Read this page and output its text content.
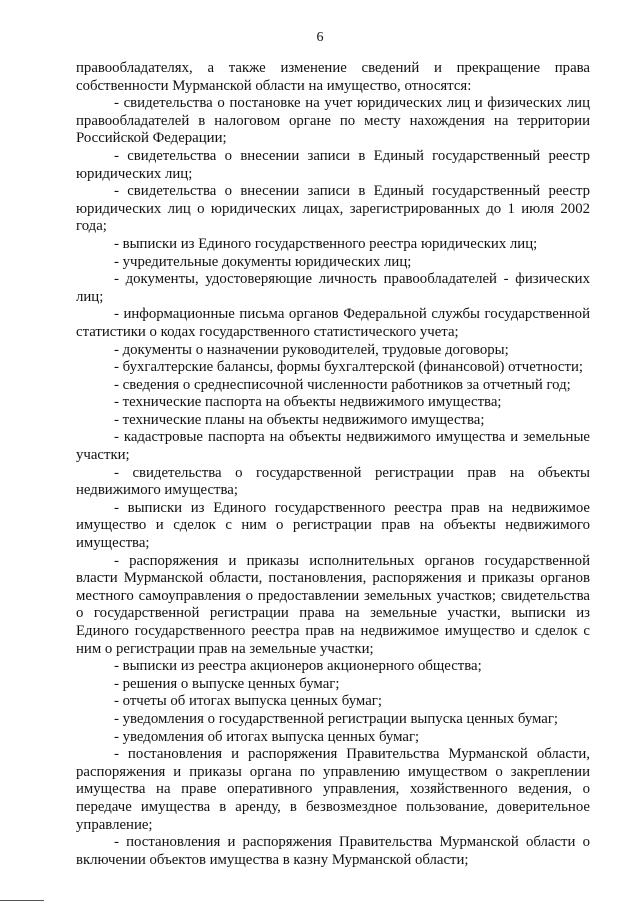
6

правообладателях, а также изменение сведений и прекращение права собственности Мурманской области на имущество, относятся:

- свидетельства о постановке на учет юридических лиц и физических лиц правообладателей в налоговом органе по месту нахождения на территории Российской Федерации;

- свидетельства о внесении записи в Единый государственный реестр юридических лиц;

- свидетельства о внесении записи в Единый государственный реестр юридических лиц о юридических лицах, зарегистрированных до 1 июля 2002 года;

- выписки из Единого государственного реестра юридических лиц;

- учредительные документы юридических лиц;

- документы, удостоверяющие личность правообладателей - физических лиц;

- информационные письма органов Федеральной службы государственной статистики о кодах государственного статистического учета;

- документы о назначении руководителей, трудовые договоры;

- бухгалтерские балансы, формы бухгалтерской (финансовой) отчетности;

- сведения о среднесписочной численности работников за отчетный год;

- технические паспорта на объекты недвижимого имущества;

- технические планы на объекты недвижимого имущества;

- кадастровые паспорта на объекты недвижимого имущества и земельные участки;

- свидетельства о государственной регистрации прав на объекты недвижимого имущества;

- выписки из Единого государственного реестра прав на недвижимое имущество и сделок с ним о регистрации прав на объекты недвижимого имущества;

- распоряжения и приказы исполнительных органов государственной власти Мурманской области, постановления, распоряжения и приказы органов местного самоуправления о предоставлении земельных участков; свидетельства о государственной регистрации права на земельные участки, выписки из Единого государственного реестра прав на недвижимое имущество и сделок с ним о регистрации прав на земельные участки;

- выписки из реестра акционеров акционерного общества;

- решения о выпуске ценных бумаг;

- отчеты об итогах выпуска ценных бумаг;

- уведомления о государственной регистрации выпуска ценных бумаг;

- уведомления об итогах выпуска ценных бумаг;

- постановления и распоряжения Правительства Мурманской области, распоряжения и приказы органа по управлению имуществом о закреплении имущества на праве оперативного управления, хозяйственного ведения, о передаче имущества в аренду, в безвозмездное пользование, доверительное управление;

- постановления и распоряжения Правительства Мурманской области о включении объектов имущества в казну Мурманской области;
